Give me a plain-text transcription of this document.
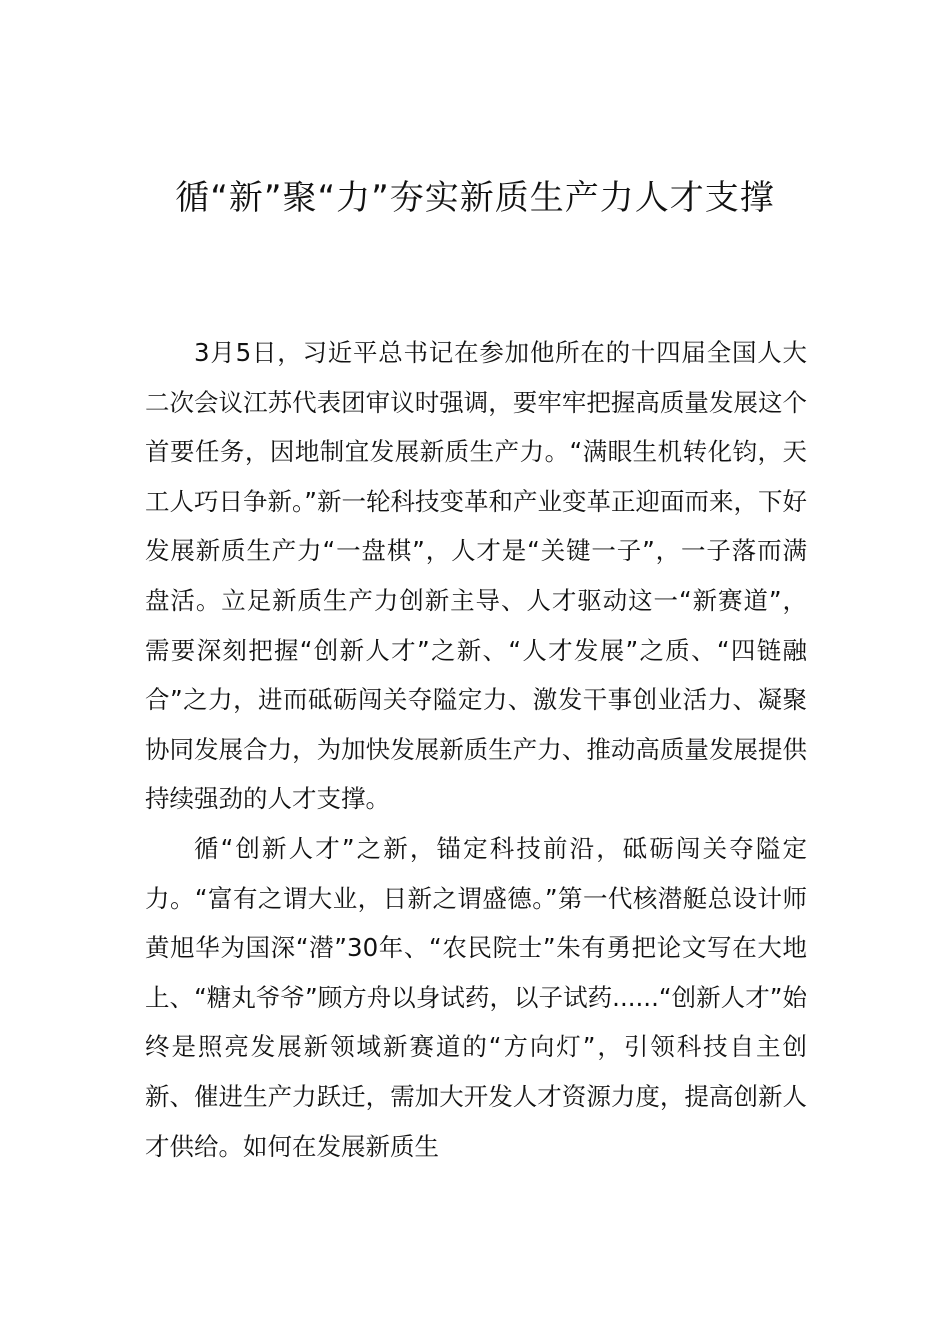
循“新”聚“力”夯实新质生产力人才支撑

3月5日，习近平总书记在参加他所在的十四届全国人大二次会议江苏代表团审议时强调，要牢牢把握高质量发展这个首要任务，因地制宜发展新质生产力。“满眼生机转化钧，天工人巧日争新。”新一轮科技变革和产业变革正迎面而来，下好发展新质生产力“一盘棋”，人才是“关键一子”，一子落而满盘活。立足新质生产力创新主导、人才驱动这一“新赛道”，需要深刻把握“创新人才”之新、“人才发展”之质、“四链融合”之力，进而砥砺闯关夺隘定力、激发干事创业活力、凝聚协同发展合力，为加快发展新质生产力、推动高质量发展提供持续强劲的人才支撑。

循“创新人才”之新，锚定科技前沿，砥砺闯关夺隘定力。“富有之谓大业，日新之谓盛德。”第一代核潜艇总设计师黄旭华为国深“潜”30年、“农民院士”朱有勇把论文写在大地上、“糖丸爷爷”顾方舟以身试药，以子试药......“创新人才”始终是照亮发展新领域新赛道的“方向灯”，引领科技自主创新、催进生产力跃迁，需加大开发人才资源力度，提高创新人才供给。如何在发展新质生
